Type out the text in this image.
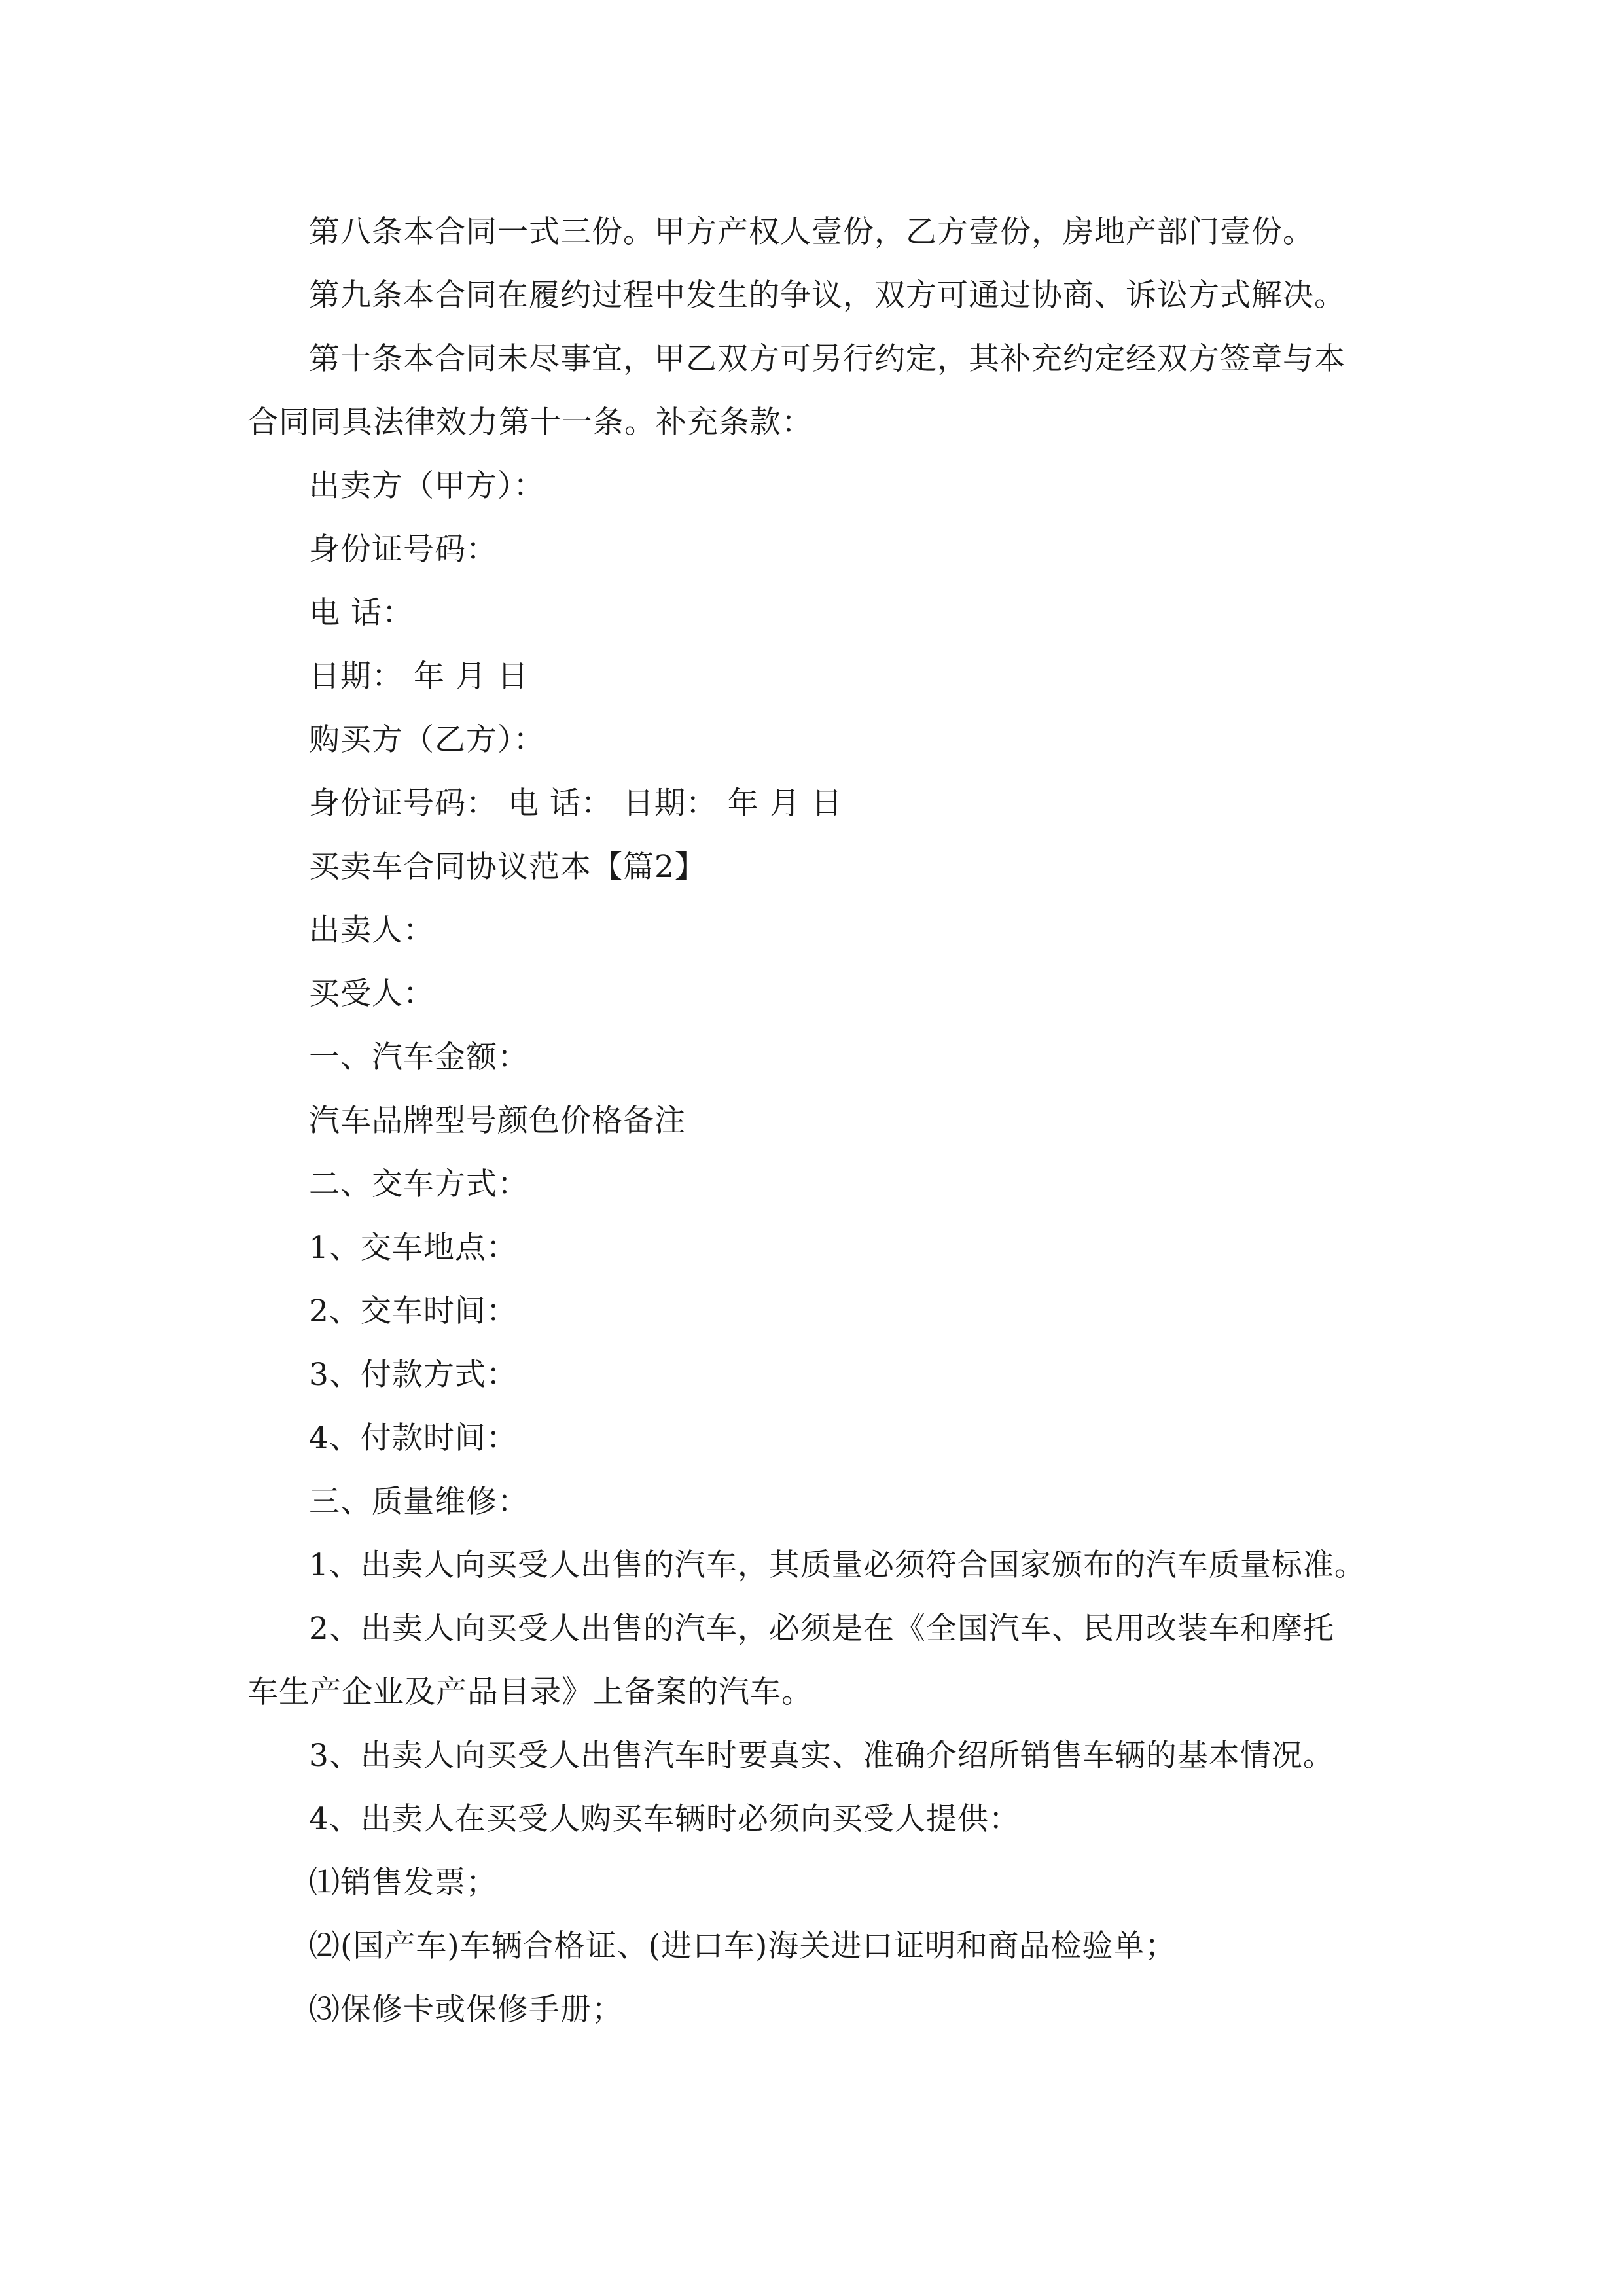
第八条本合同一式三份。甲方产权人壹份，乙方壹份，房地产部门壹份。
第九条本合同在履约过程中发生的争议，双方可通过协商、诉讼方式解决。
第十条本合同未尽事宜，甲乙双方可另行约定，其补充约定经双方签章与本
合同同具法律效力第十一条。补充条款：
出卖方（甲方）：
身份证号码：
电 话：
日期： 年 月 日
购买方（乙方）：
身份证号码： 电 话： 日期： 年 月 日
买卖车合同协议范本【篇2】
出卖人：
买受人：
一、汽车金额：
汽车品牌型号颜色价格备注
二、交车方式：
1、交车地点：
2、交车时间：
3、付款方式：
4、付款时间：
三、质量维修：
1、出卖人向买受人出售的汽车，其质量必须符合国家颁布的汽车质量标准。
2、出卖人向买受人出售的汽车，必须是在《全国汽车、民用改装车和摩托
车生产企业及产品目录》上备案的汽车。
3、出卖人向买受人出售汽车时要真实、准确介绍所销售车辆的基本情况。
4、出卖人在买受人购买车辆时必须向买受人提供：
⑴销售发票；
⑵(国产车)车辆合格证、(进口车)海关进口证明和商品检验单；
⑶保修卡或保修手册；
